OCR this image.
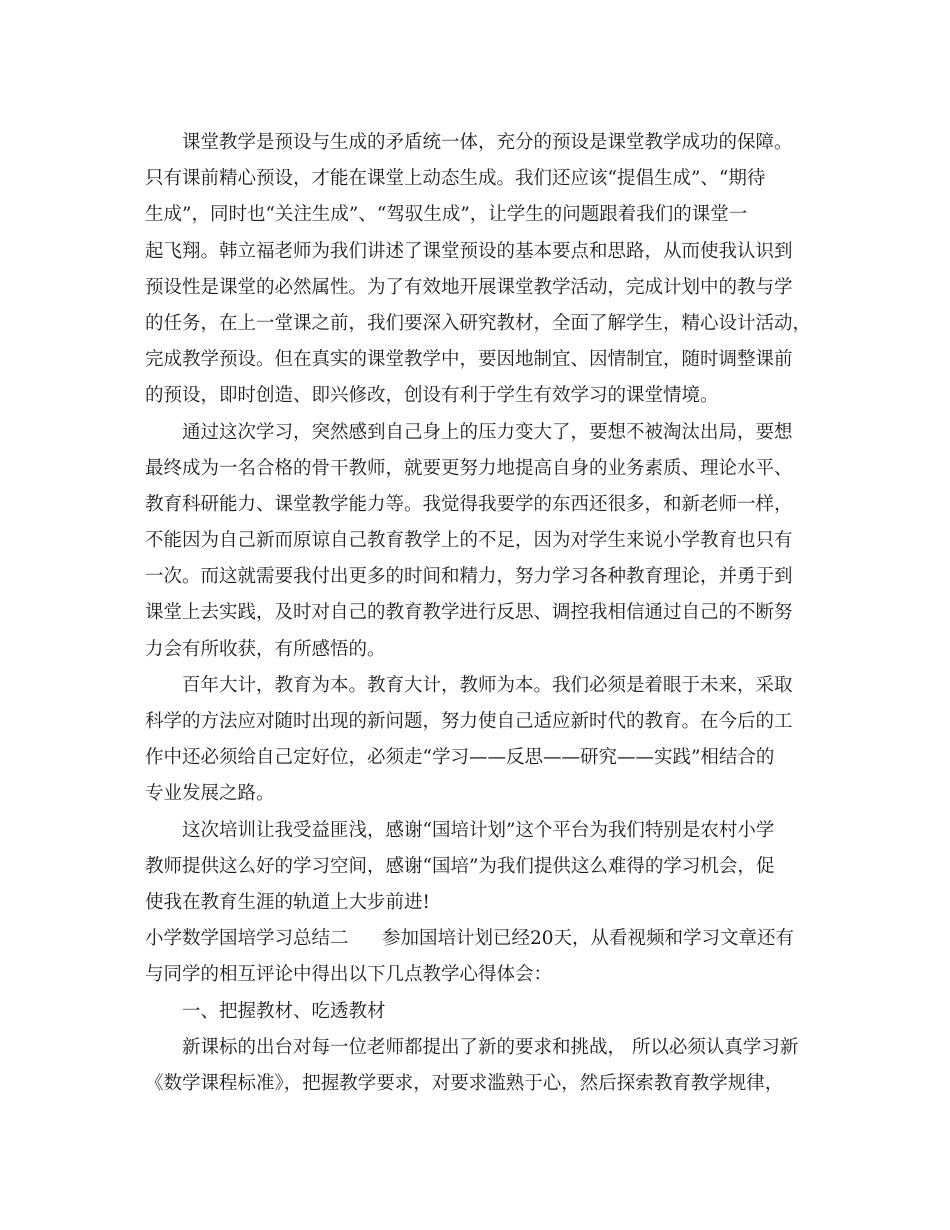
课堂教学是预设与生成的矛盾统一体，充分的预设是课堂教学成功的保障。
只有课前精心预设，才能在课堂上动态生成。我们还应该“提倡生成”、“期待
生成”，同时也“关注生成”、“驾驭生成”，让学生的问题跟着我们的课堂一
起飞翔。韩立福老师为我们讲述了课堂预设的基本要点和思路，从而使我认识到
预设性是课堂的必然属性。为了有效地开展课堂教学活动，完成计划中的教与学
的任务，在上一堂课之前，我们要深入研究教材，全面了解学生，精心设计活动，
完成教学预设。但在真实的课堂教学中，要因地制宜、因情制宜，随时调整课前
的预设，即时创造、即兴修改，创设有利于学生有效学习的课堂情境。
通过这次学习，突然感到自己身上的压力变大了，要想不被淘汰出局，要想
最终成为一名合格的骨干教师，就要更努力地提高自身的业务素质、理论水平、
教育科研能力、课堂教学能力等。我觉得我要学的东西还很多，和新老师一样，
不能因为自己新而原谅自己教育教学上的不足，因为对学生来说小学教育也只有
一次。而这就需要我付出更多的时间和精力，努力学习各种教育理论，并勇于到
课堂上去实践，及时对自己的教育教学进行反思、调控我相信通过自己的不断努
力会有所收获，有所感悟的。
百年大计，教育为本。教育大计，教师为本。我们必须是着眼于未来，采取
科学的方法应对随时出现的新问题，努力使自己适应新时代的教育。在今后的工
作中还必须给自己定好位，必须走“学习——反思——研究——实践”相结合的
专业发展之路。
这次培训让我受益匪浅，感谢“国培计划”这个平台为我们特别是农村小学
教师提供这么好的学习空间，感谢“国培”为我们提供这么难得的学习机会，促
使我在教育生涯的轨道上大步前进!
小学数学国培学习总结二 参加国培计划已经20天，从看视频和学习文章还有
与同学的相互评论中得出以下几点教学心得体会：
一、把握教材、吃透教材
新课标的出台对每一位老师都提出了新的要求和挑战， 所以必须认真学习新
《数学课程标准》，把握教学要求，对要求滥熟于心，然后探索教育教学规律，
